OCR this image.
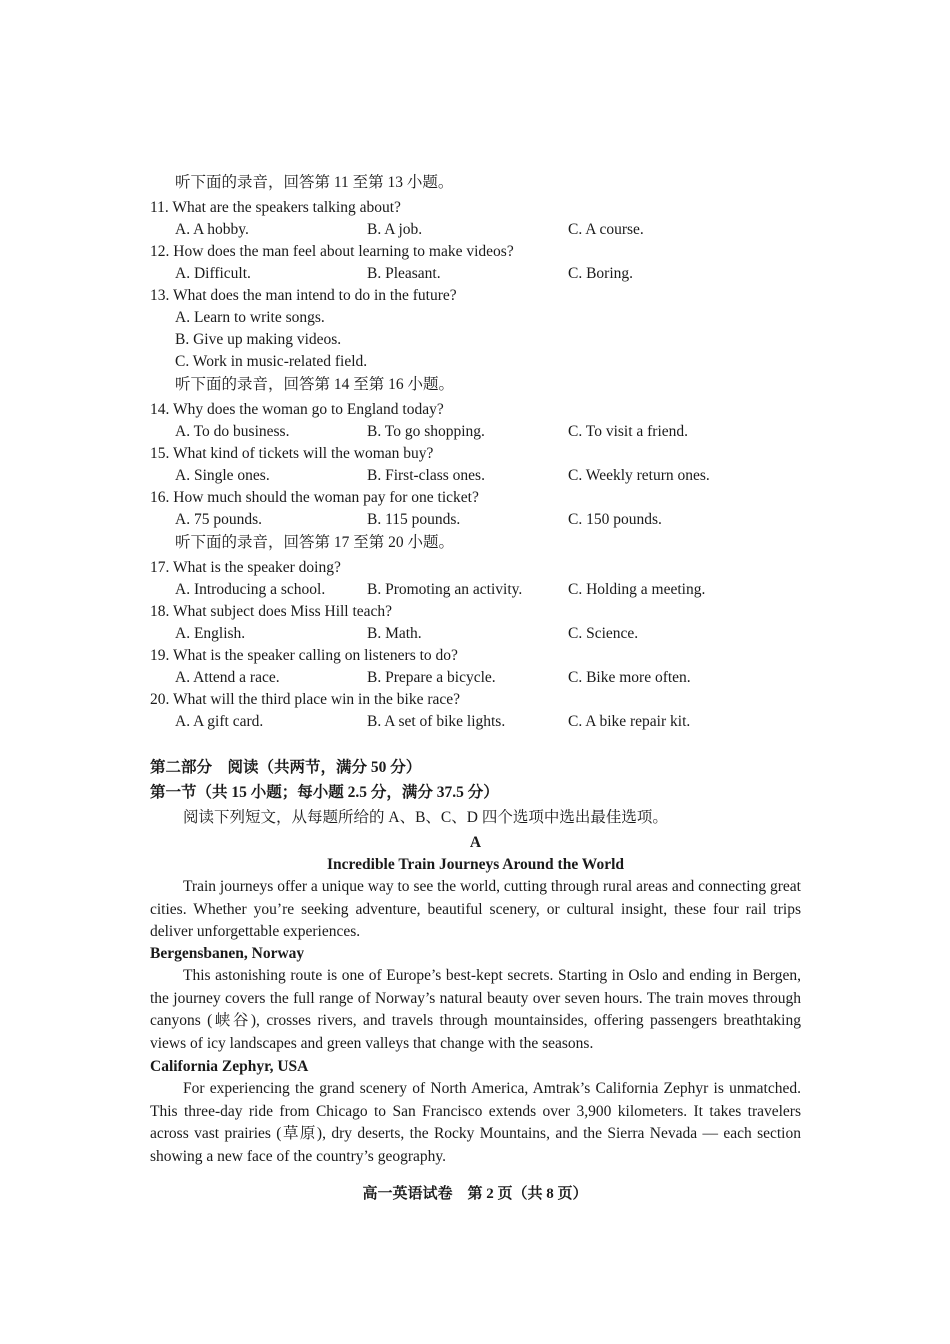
听下面的录音，回答第 11 至第 13 小题。
11. What are the speakers talking about?
A. A hobby.	B. A job.	C. A course.
12. How does the man feel about learning to make videos?
A. Difficult.	B. Pleasant.	C. Boring.
13. What does the man intend to do in the future?
A. Learn to write songs.
B. Give up making videos.
C. Work in music-related field.
听下面的录音，回答第 14 至第 16 小题。
14. Why does the woman go to England today?
A. To do business.	B. To go shopping.	C. To visit a friend.
15. What kind of tickets will the woman buy?
A. Single ones.	B. First-class ones.	C. Weekly return ones.
16. How much should the woman pay for one ticket?
A. 75 pounds.	B. 115 pounds.	C. 150 pounds.
听下面的录音，回答第 17 至第 20 小题。
17. What is the speaker doing?
A. Introducing a school.	B. Promoting an activity.	C. Holding a meeting.
18. What subject does Miss Hill teach?
A. English.	B. Math.	C. Science.
19. What is the speaker calling on listeners to do?
A. Attend a race.	B. Prepare a bicycle.	C. Bike more often.
20. What will the third place win in the bike race?
A. A gift card.	B. A set of bike lights.	C. A bike repair kit.
第二部分　阅读（共两节，满分 50 分）
第一节（共 15 小题；每小题 2.5 分，满分 37.5 分）
阅读下列短文，从每题所给的 A、B、C、D 四个选项中选出最佳选项。
A
Incredible Train Journeys Around the World
Train journeys offer a unique way to see the world, cutting through rural areas and connecting great cities. Whether you’re seeking adventure, beautiful scenery, or cultural insight, these four rail trips deliver unforgettable experiences.
Bergensbanen, Norway
This astonishing route is one of Europe’s best-kept secrets. Starting in Oslo and ending in Bergen, the journey covers the full range of Norway’s natural beauty over seven hours. The train moves through canyons (峡谷), crosses rivers, and travels through mountainsides, offering passengers breathtaking views of icy landscapes and green valleys that change with the seasons.
California Zephyr, USA
For experiencing the grand scenery of North America, Amtrak’s California Zephyr is unmatched. This three-day ride from Chicago to San Francisco extends over 3,900 kilometers. It takes travelers across vast prairies (草原), dry deserts, the Rocky Mountains, and the Sierra Nevada — each section showing a new face of the country’s geography.
高一英语试卷　第 2 页（共 8 页）
